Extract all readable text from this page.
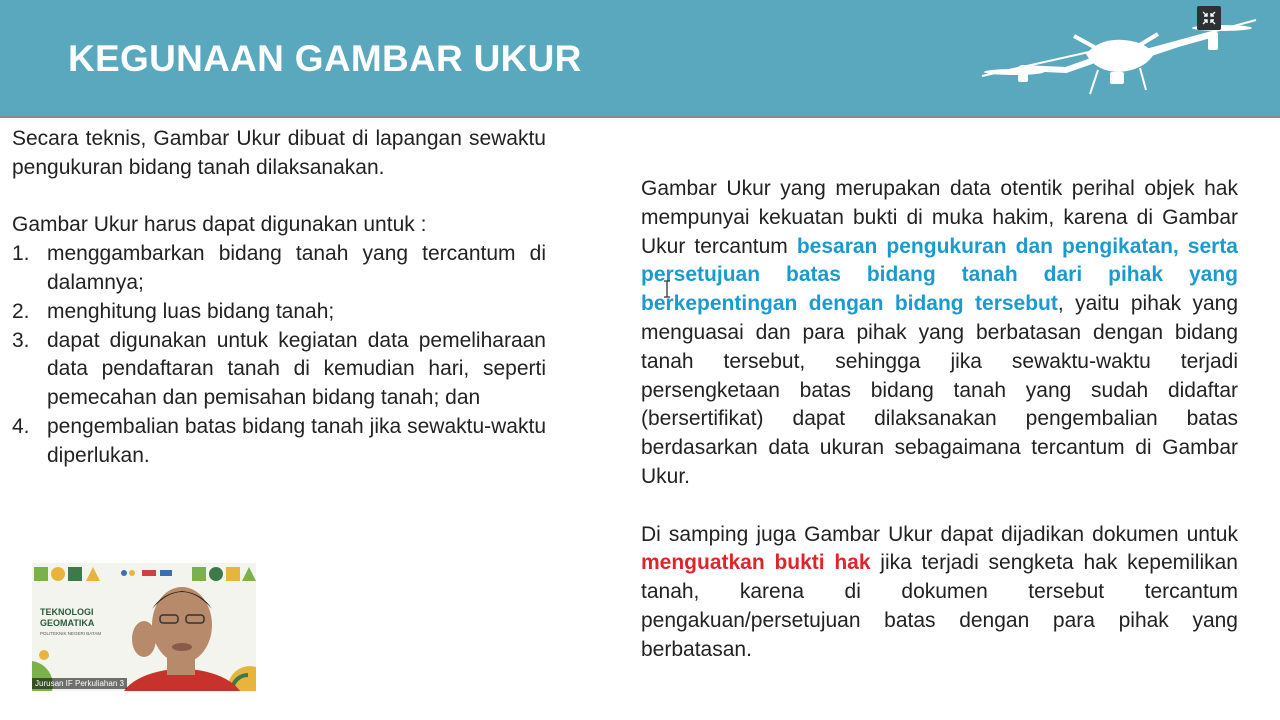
KEGUNAAN GAMBAR UKUR

Secara teknis, Gambar Ukur dibuat di lapangan sewaktu pengukuran bidang tanah dilaksanakan.

Gambar Ukur harus dapat digunakan untuk :

1. menggambarkan bidang tanah yang tercantum di dalamnya;
2. menghitung luas bidang tanah;
3. dapat digunakan untuk kegiatan data pemeliharaan data pendaftaran tanah di kemudian hari, seperti pemecahan dan pemisahan bidang tanah; dan
4. pengembalian batas bidang tanah jika sewaktu-waktu diperlukan.

Gambar Ukur yang merupakan data otentik perihal objek hak mempunyai kekuatan bukti di muka hakim, karena di Gambar Ukur tercantum besaran pengukuran dan pengikatan, serta persetujuan batas bidang tanah dari pihak yang berkepentingan dengan bidang tersebut, yaitu pihak yang menguasai dan para pihak yang berbatasan dengan bidang tanah tersebut, sehingga jika sewaktu-waktu terjadi persengketaan batas bidang tanah yang sudah didaftar (bersertifikat) dapat dilaksanakan pengembalian batas berdasarkan data ukuran sebagaimana tercantum di Gambar Ukur.

Di samping juga Gambar Ukur dapat dijadikan dokumen untuk menguatkan bukti hak jika terjadi sengketa hak kepemilikan tanah, karena di dokumen tersebut tercantum pengakuan/persetujuan batas dengan para pihak yang berbatasan.

TEKNOLOGI GEOMATIKA
POLITEKNIK NEGERI BATAM
Jurusan IF Perkuliahan 3
